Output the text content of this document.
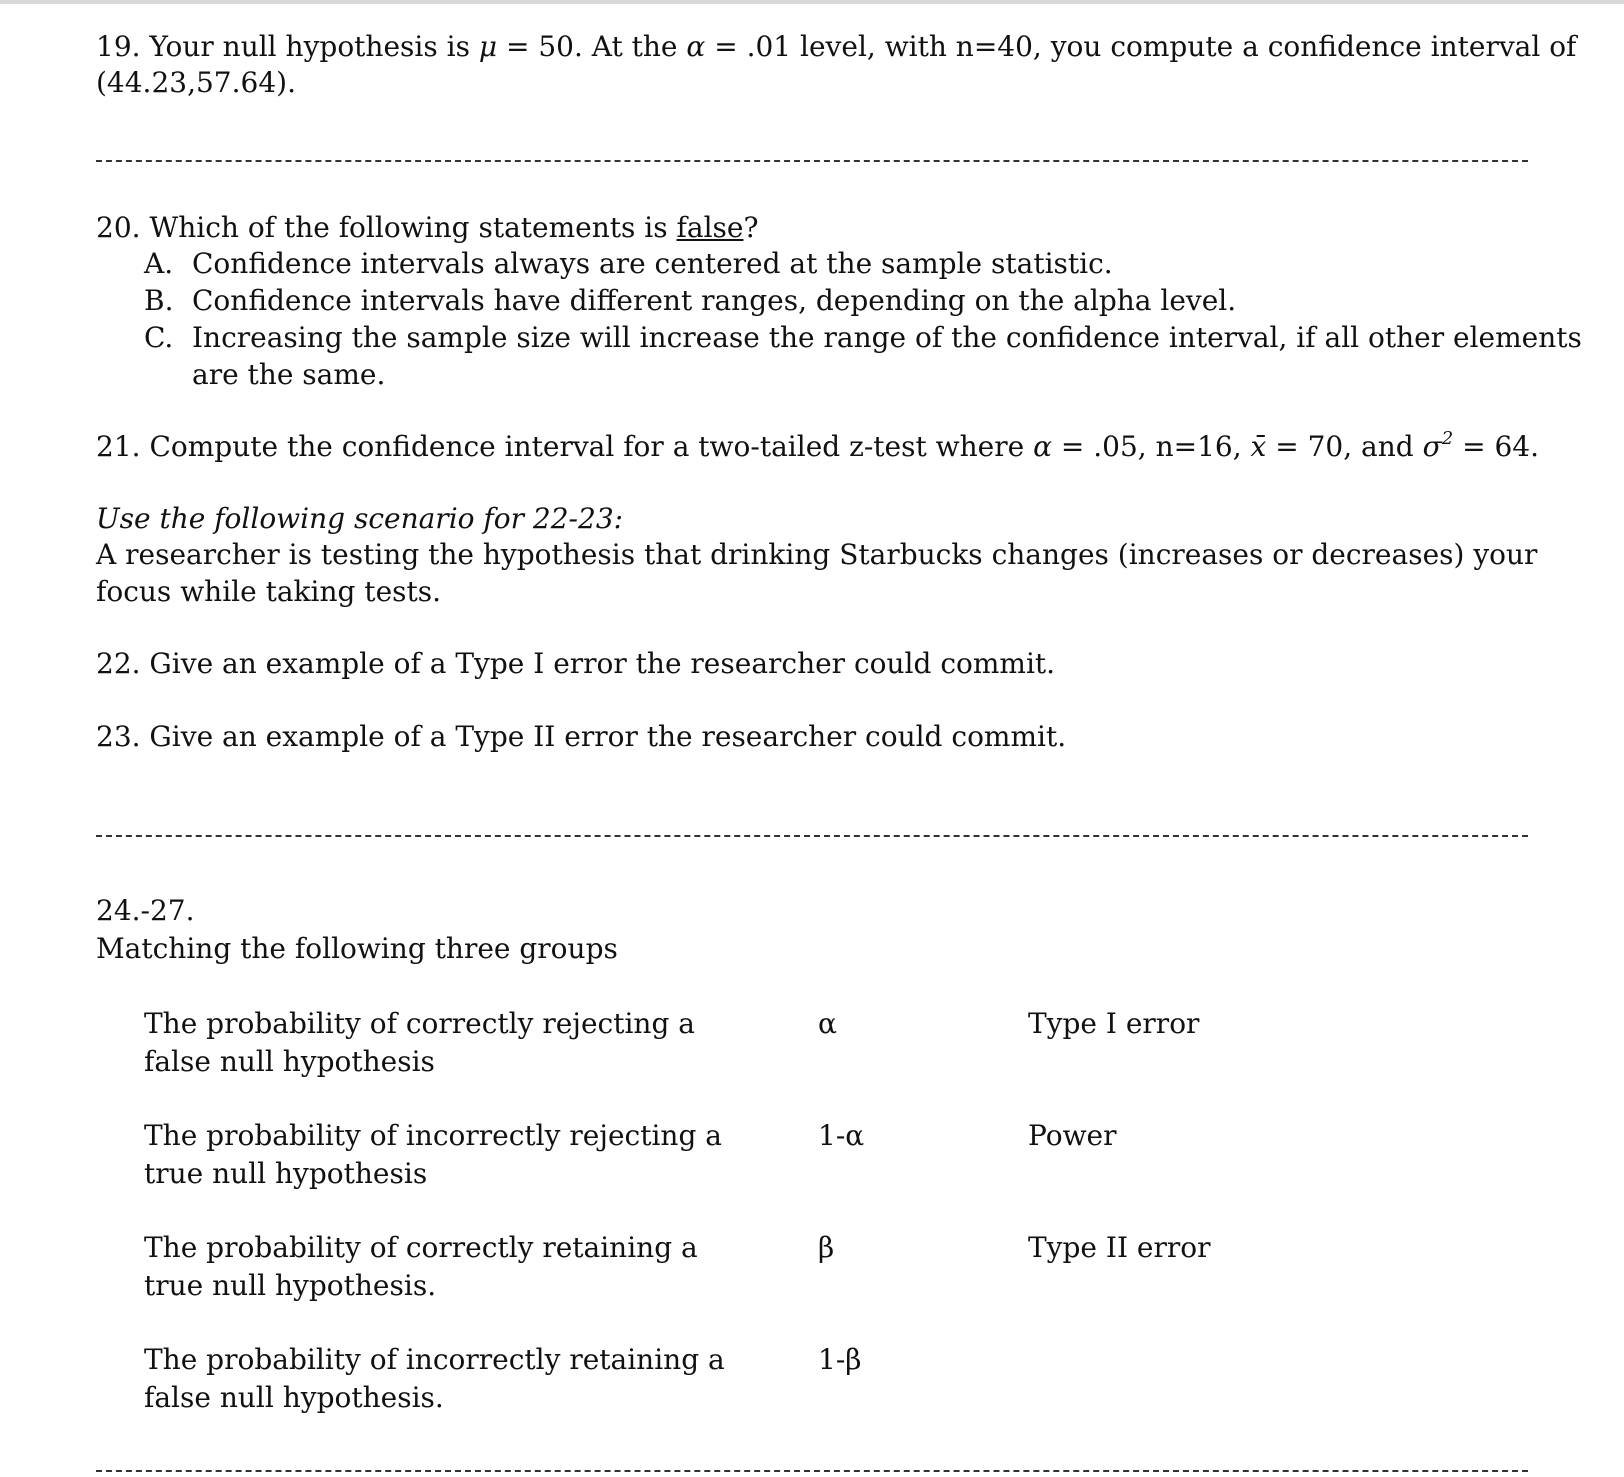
19. Your null hypothesis is μ = 50. At the α = .01 level, with n=40, you compute a confidence interval of
(44.23,57.64).
20. Which of the following statements is false?
A. Confidence intervals always are centered at the sample statistic.
B. Confidence intervals have different ranges, depending on the alpha level.
C. Increasing the sample size will increase the range of the confidence interval, if all other elements
are the same.
21. Compute the confidence interval for a two-tailed z-test where α = .05, n=16, x̄ = 70, and $\sigma^2 = 64$.
Use the following scenario for 22-23:
A researcher is testing the hypothesis that drinking Starbucks changes (increases or decreases) your
focus while taking tests.
22. Give an example of a Type I error the researcher could commit.
23. Give an example of a Type II error the researcher could commit.
24.-27.
Matching the following three groups
The probability of correctly rejecting a
false null hypothesis
α	Type I error
The probability of incorrectly rejecting a
true null hypothesis
1-α	Power
The probability of correctly retaining a
true null hypothesis.
β	Type II error
The probability of incorrectly retaining a
false null hypothesis.
1-β
